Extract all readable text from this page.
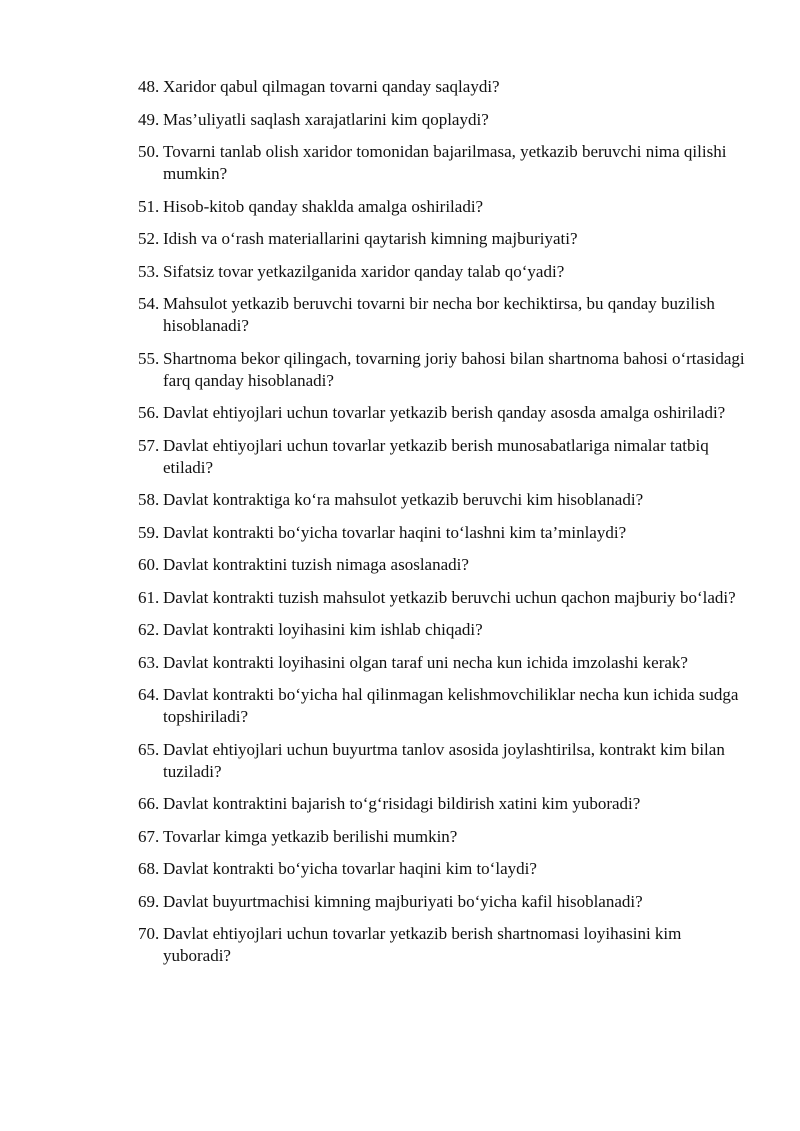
48. Xaridor qabul qilmagan tovarni qanday saqlaydi?
49. Mas’uliyatli saqlash xarajatlarini kim qoplaydi?
50. Tovarni tanlab olish xaridor tomonidan bajarilmasa, yetkazib beruvchi nima qilishi mumkin?
51. Hisob-kitob qanday shaklda amalga oshiriladi?
52. Idish va o‘rash materiallarini qaytarish kimning majburiyati?
53. Sifatsiz tovar yetkazilganida xaridor qanday talab qo‘yadi?
54. Mahsulot yetkazib beruvchi tovarni bir necha bor kechiktirsa, bu qanday buzilish hisoblanadi?
55. Shartnoma bekor qilingach, tovarning joriy bahosi bilan shartnoma bahosi o‘rtasidagi farq qanday hisoblanadi?
56. Davlat ehtiyojlari uchun tovarlar yetkazib berish qanday asosda amalga oshiriladi?
57. Davlat ehtiyojlari uchun tovarlar yetkazib berish munosabatlariga nimalar tatbiq etiladi?
58. Davlat kontraktiga ko‘ra mahsulot yetkazib beruvchi kim hisoblanadi?
59. Davlat kontrakti bo‘yicha tovarlar haqini to‘lashni kim ta’minlaydi?
60. Davlat kontraktini tuzish nimaga asoslanadi?
61. Davlat kontrakti tuzish mahsulot yetkazib beruvchi uchun qachon majburiy bo‘ladi?
62. Davlat kontrakti loyihasini kim ishlab chiqadi?
63. Davlat kontrakti loyihasini olgan taraf uni necha kun ichida imzolashi kerak?
64. Davlat kontrakti bo‘yicha hal qilinmagan kelishmovchiliklar necha kun ichida sudga topshiriladi?
65. Davlat ehtiyojlari uchun buyurtma tanlov asosida joylashtirilsa, kontrakt kim bilan tuziladi?
66. Davlat kontraktini bajarish to‘g‘risidagi bildirish xatini kim yuboradi?
67. Tovarlar kimga yetkazib berilishi mumkin?
68. Davlat kontrakti bo‘yicha tovarlar haqini kim to‘laydi?
69. Davlat buyurtmachisi kimning majburiyati bo‘yicha kafil hisoblanadi?
70. Davlat ehtiyojlari uchun tovarlar yetkazib berish shartnomasi loyihasini kim yuboradi?
